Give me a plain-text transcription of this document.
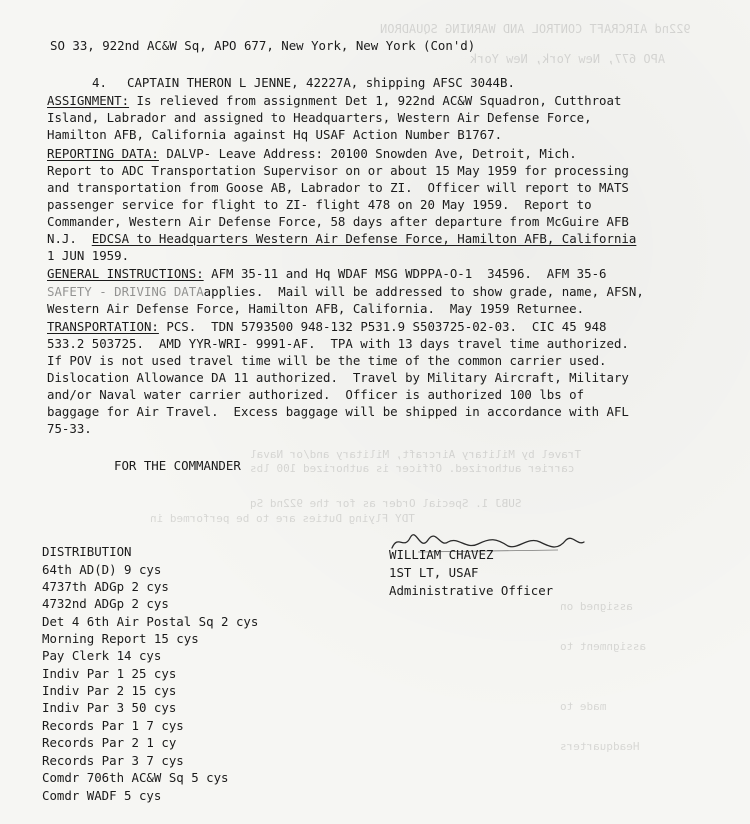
922nd AIRCRAFT CONTROL AND WARNING SQUADRON
APO 677, New York, New York
Travel by Military Aircraft, Military and/or Naval
carrier authorized. Officer is authorized 100 lbs
SUBJ 1. Special Order as for the 922nd Sq
TDY Flying Duties are to be performed in
assigned on
assignment to
made to
Headquarters
SO 33, 922nd AC&W Sq, APO 677, New York, New York (Con'd)
4. CAPTAIN THERON L JENNE, 42227A, shipping AFSC 3044B.
ASSIGNMENT: Is relieved from assignment Det 1, 922nd AC&W Squadron, Cutthroat
Island, Labrador and assigned to Headquarters, Western Air Defense Force,
Hamilton AFB, California against Hq USAF Action Number B1767.
REPORTING DATA: DALVP- Leave Address: 20100 Snowden Ave, Detroit, Mich.
Report to ADC Transportation Supervisor on or about 15 May 1959 for processing
and transportation from Goose AB, Labrador to ZI.  Officer will report to MATS
passenger service for flight to ZI- flight 478 on 20 May 1959.  Report to
Commander, Western Air Defense Force, 58 days after departure from McGuire AFB
N.J.  EDCSA to Headquarters Western Air Defense Force, Hamilton AFB, California
1 JUN 1959.
GENERAL INSTRUCTIONS: AFM 35-11 and Hq WDAF MSG WDPPA-O-1  34596.  AFM 35-6
SAFETY - DRIVING DATAapplies.  Mail will be addressed to show grade, name, AFSN,
Western Air Defense Force, Hamilton AFB, California.  May 1959 Returnee.
TRANSPORTATION: PCS.  TDN 5793500 948-132 P531.9 S503725-02-03.  CIC 45 948
533.2 503725.  AMD YYR-WRI- 9991-AF.  TPA with 13 days travel time authorized.
If POV is not used travel time will be the time of the common carrier used.
Dislocation Allowance DA 11 authorized.  Travel by Military Aircraft, Military
and/or Naval water carrier authorized.  Officer is authorized 100 lbs of
baggage for Air Travel.  Excess baggage will be shipped in accordance with AFL
75-33.
FOR THE COMMANDER
DISTRIBUTION
64th AD(D) 9 cys
4737th ADGp 2 cys
4732nd ADGp 2 cys
Det 4 6th Air Postal Sq 2 cys
Morning Report 15 cys
Pay Clerk 14 cys
Indiv Par 1 25 cys
Indiv Par 2 15 cys
Indiv Par 3 50 cys
Records Par 1 7 cys
Records Par 2 1 cy
Records Par 3 7 cys
Comdr 706th AC&W Sq 5 cys
Comdr WADF 5 cys
WILLIAM CHAVEZ
1ST LT, USAF
Administrative Officer
